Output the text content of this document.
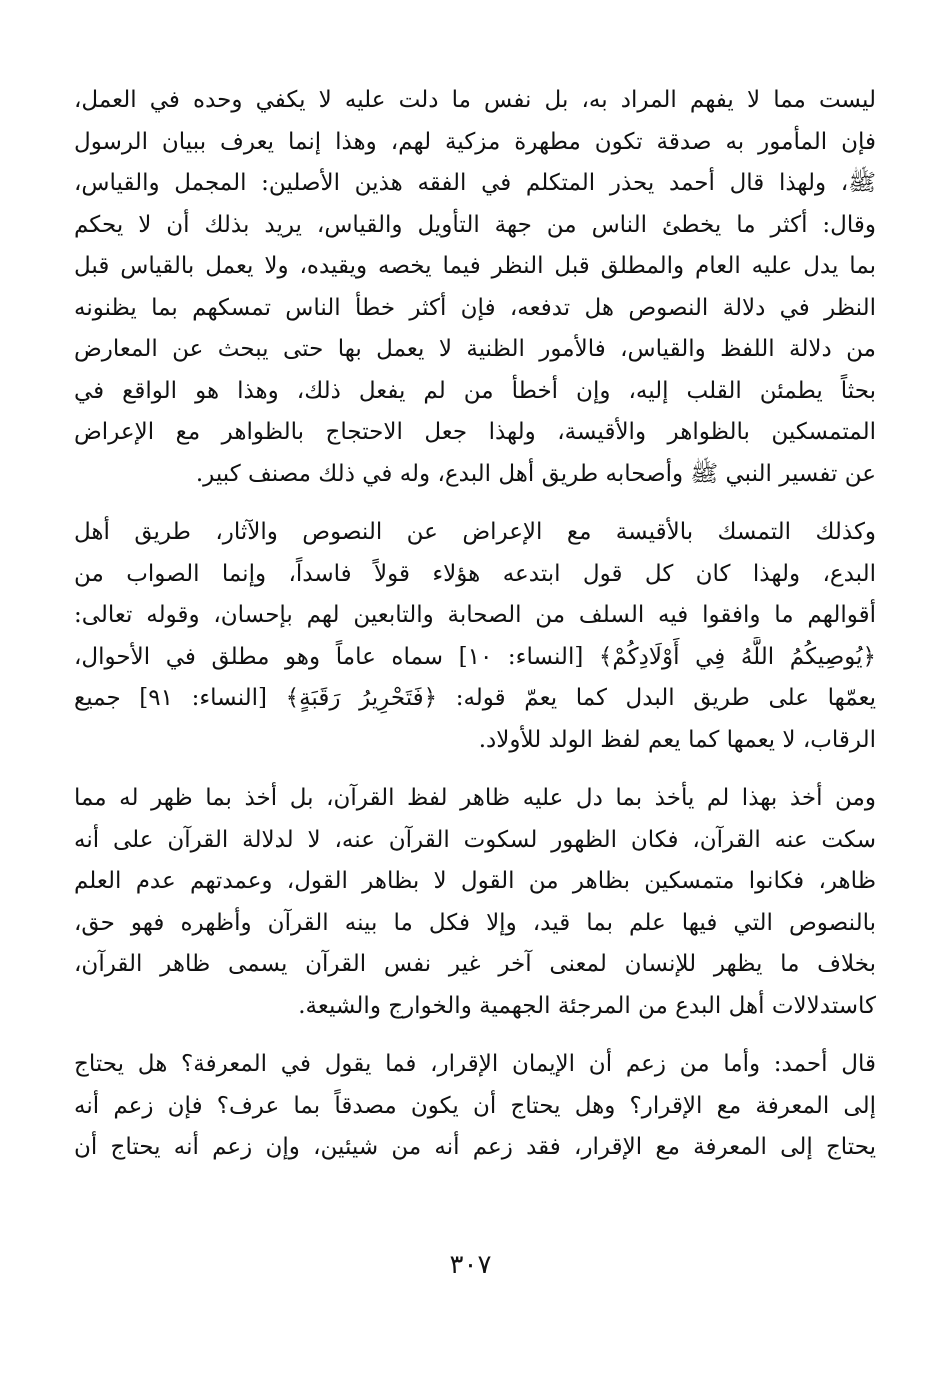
ليست مما لا يفهم المراد به، بل نفس ما دلت عليه لا يكفي وحده في العمل،
فإن المأمور به صدقة تكون مطهرة مزكية لهم، وهذا إنما يعرف ببيان الرسول
ﷺ، ولهذا قال أحمد يحذر المتكلم في الفقه هذين الأصلين: المجمل والقياس،
وقال: أكثر ما يخطئ الناس من جهة التأويل والقياس، يريد بذلك أن لا يحكم
بما يدل عليه العام والمطلق قبل النظر فيما يخصه ويقيده، ولا يعمل بالقياس قبل
النظر في دلالة النصوص هل تدفعه، فإن أكثر خطأ الناس تمسكهم بما يظنونه
من دلالة اللفظ والقياس، فالأمور الظنية لا يعمل بها حتى يبحث عن المعارض
بحثاً يطمئن القلب إليه، وإن أخطأ من لم يفعل ذلك، وهذا هو الواقع في
المتمسكين بالظواهر والأقيسة، ولهذا جعل الاحتجاج بالظواهر مع الإعراض
عن تفسير النبي ﷺ وأصحابه طريق أهل البدع، وله في ذلك مصنف كبير.

وكذلك التمسك بالأقيسة مع الإعراض عن النصوص والآثار، طريق أهل
البدع، ولهذا كان كل قول ابتدعه هؤلاء قولاً فاسداً، وإنما الصواب من
أقوالهم ما وافقوا فيه السلف من الصحابة والتابعين لهم بإحسان، وقوله تعالى:
﴿يُوصِيكُمُ اللَّهُ فِي أَوْلَادِكُمْ﴾ [النساء: ١٠] سماه عاماً وهو مطلق في الأحوال،
يعمّها على طريق البدل كما يعمّ قوله: ﴿فَتَحْرِيرُ رَقَبَةٍ﴾ [النساء: ٩١] جميع
الرقاب، لا يعمها كما يعم لفظ الولد للأولاد.

ومن أخذ بهذا لم يأخذ بما دل عليه ظاهر لفظ القرآن، بل أخذ بما ظهر له مما
سكت عنه القرآن، فكان الظهور لسكوت القرآن عنه، لا لدلالة القرآن على أنه
ظاهر، فكانوا متمسكين بظاهر من القول لا بظاهر القول، وعمدتهم عدم العلم
بالنصوص التي فيها علم بما قيد، وإلا فكل ما بينه القرآن وأظهره فهو حق،
بخلاف ما يظهر للإنسان لمعنى آخر غير نفس القرآن يسمى ظاهر القرآن،
كاستدلالات أهل البدع من المرجئة الجهمية والخوارج والشيعة.

قال أحمد: وأما من زعم أن الإيمان الإقرار، فما يقول في المعرفة؟ هل يحتاج
إلى المعرفة مع الإقرار؟ وهل يحتاج أن يكون مصدقاً بما عرف؟ فإن زعم أنه
يحتاج إلى المعرفة مع الإقرار، فقد زعم أنه من شيئين، وإن زعم أنه يحتاج أن

٣٠٧
